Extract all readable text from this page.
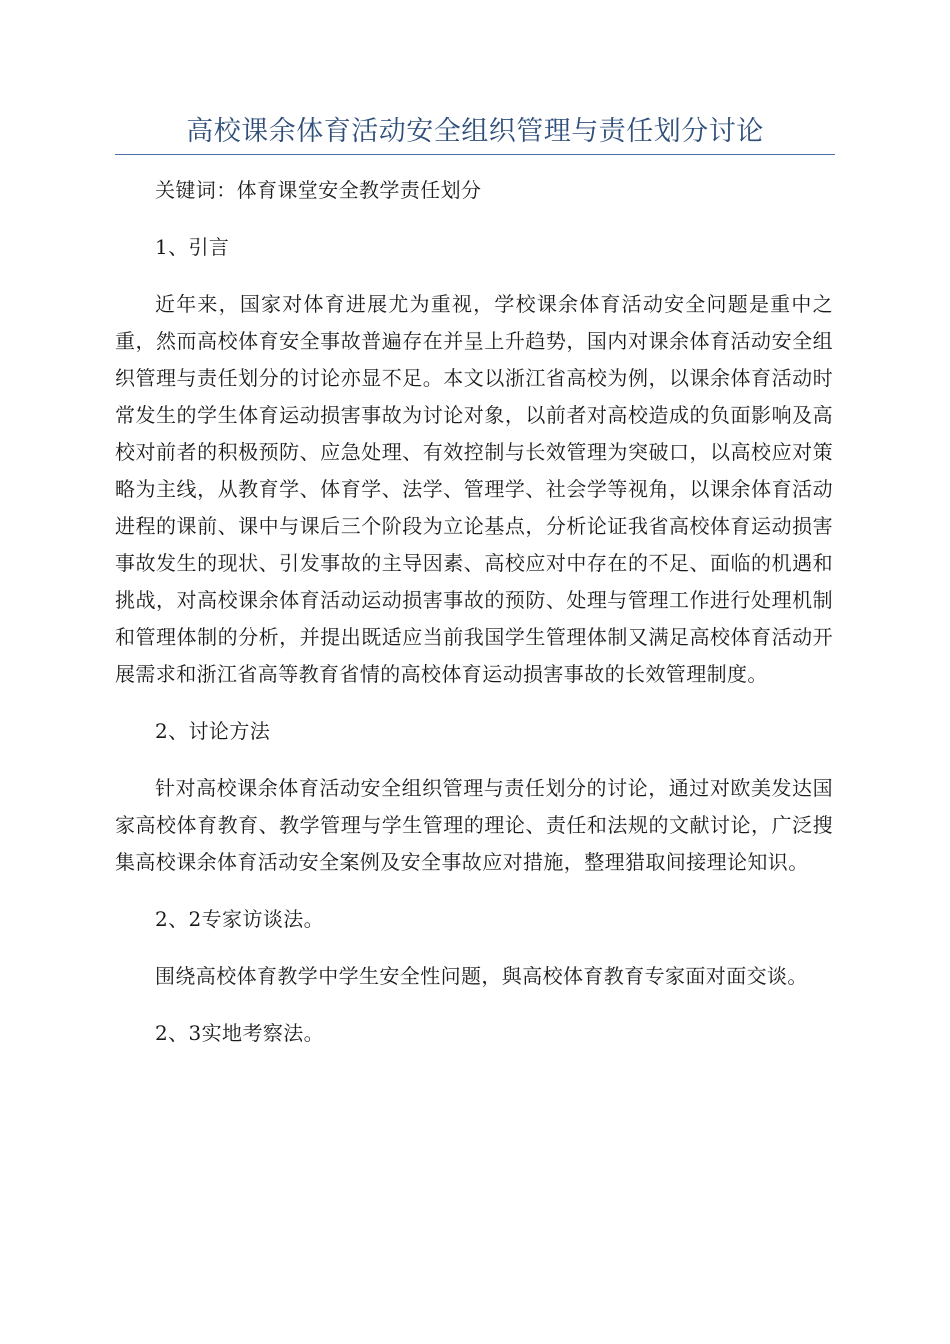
高校课余体育活动安全组织管理与责任划分讨论

关键词：体育课堂安全教学责任划分

1、引言

近年来，国家对体育进展尤为重视，学校课余体育活动安全问题是重中之重，然而高校体育安全事故普遍存在并呈上升趋势，国内对课余体育活动安全组织管理与责任划分的讨论亦显不足。本文以浙江省高校为例，以课余体育活动时常发生的学生体育运动损害事故为讨论对象，以前者对高校造成的负面影响及高校对前者的积极预防、应急处理、有效控制与长效管理为突破口，以高校应对策略为主线，从教育学、体育学、法学、管理学、社会学等视角，以课余体育活动进程的课前、课中与课后三个阶段为立论基点，分析论证我省高校体育运动损害事故发生的现状、引发事故的主导因素、高校应对中存在的不足、面临的机遇和挑战，对高校课余体育活动运动损害事故的预防、处理与管理工作进行处理机制和管理体制的分析，并提出既适应当前我国学生管理体制又满足高校体育活动开展需求和浙江省高等教育省情的高校体育运动损害事故的长效管理制度。

2、讨论方法

针对高校课余体育活动安全组织管理与责任划分的讨论，通过对欧美发达国家高校体育教育、教学管理与学生管理的理论、责任和法规的文献讨论，广泛搜集高校课余体育活动安全案例及安全事故应对措施，整理猎取间接理论知识。

2、2专家访谈法。

围绕高校体育教学中学生安全性问题，與高校体育教育专家面对面交谈。

2、3实地考察法。
